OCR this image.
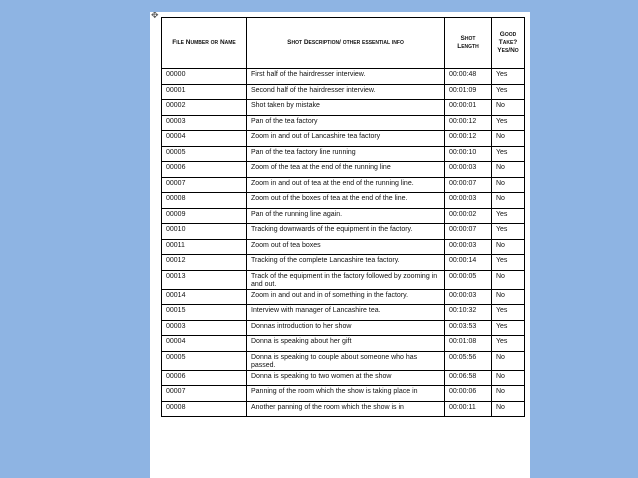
✥
File Number or Name	Shot Description/ other essential info	Shot Length	Good Take? Yes/No
00000	First half of the hairdresser interview.	00:00:48	Yes
00001	Second half of the hairdresser interview.	00:01:09	Yes
00002	Shot taken by mistake	00:00:01	No
00003	Pan of the tea factory	00:00:12	Yes
00004	Zoom in and out of Lancashire tea factory	00:00:12	No
00005	Pan of the tea factory line running	00:00:10	Yes
00006	Zoom of the tea at the end of the running line	00:00:03	No
00007	Zoom in and out of tea at the end of the running line.	00:00:07	No
00008	Zoom out of the boxes of tea at the end of the line.	00:00:03	No
00009	Pan of the running line again.	00:00:02	Yes
00010	Tracking downwards of the equipment in the factory.	00:00:07	Yes
00011	Zoom out of tea boxes	00:00:03	No
00012	Tracking of the complete Lancashire tea factory.	00:00:14	Yes
00013	Track of the equipment in the factory followed by zooming in and out.	00:00:05	No
00014	Zoom in and out and in of something in the factory.	00:00:03	No
00015	Interview with manager of Lancashire tea.	00:10:32	Yes
00003	Donnas introduction to her show	00:03:53	Yes
00004	Donna is speaking about her gift	00:01:08	Yes
00005	Donna is speaking to couple about someone who has passed.	00:05:56	No
00006	Donna is speaking to two women at the show	00:06:58	No
00007	Panning of the room which the show is taking place in	00:00:06	No
00008	Another panning of the room which the show is in	00:00:11	No
